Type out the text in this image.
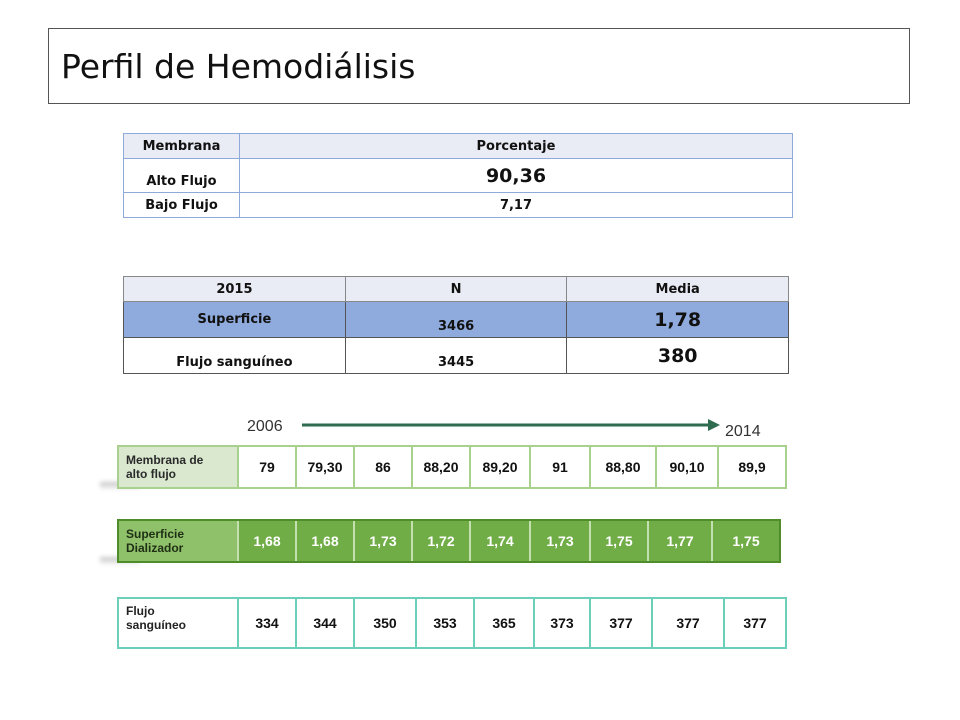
Perfil de Hemodiálisis
Membrana	Porcentaje
Alto Flujo	90,36
Bajo Flujo	7,17
2015	N	Media
Superficie	3466	1,78
Flujo sanguíneo	3445	380
2006	2014
Membrana de
alto flujo	79	79,30	86	88,20	89,20	91	88,80	90,10	89,9
Superficie
Dializador	1,68	1,68	1,73	1,72	1,74	1,73	1,75	1,77	1,75
Flujo
sanguíneo	334	344	350	353	365	373	377	377	377
